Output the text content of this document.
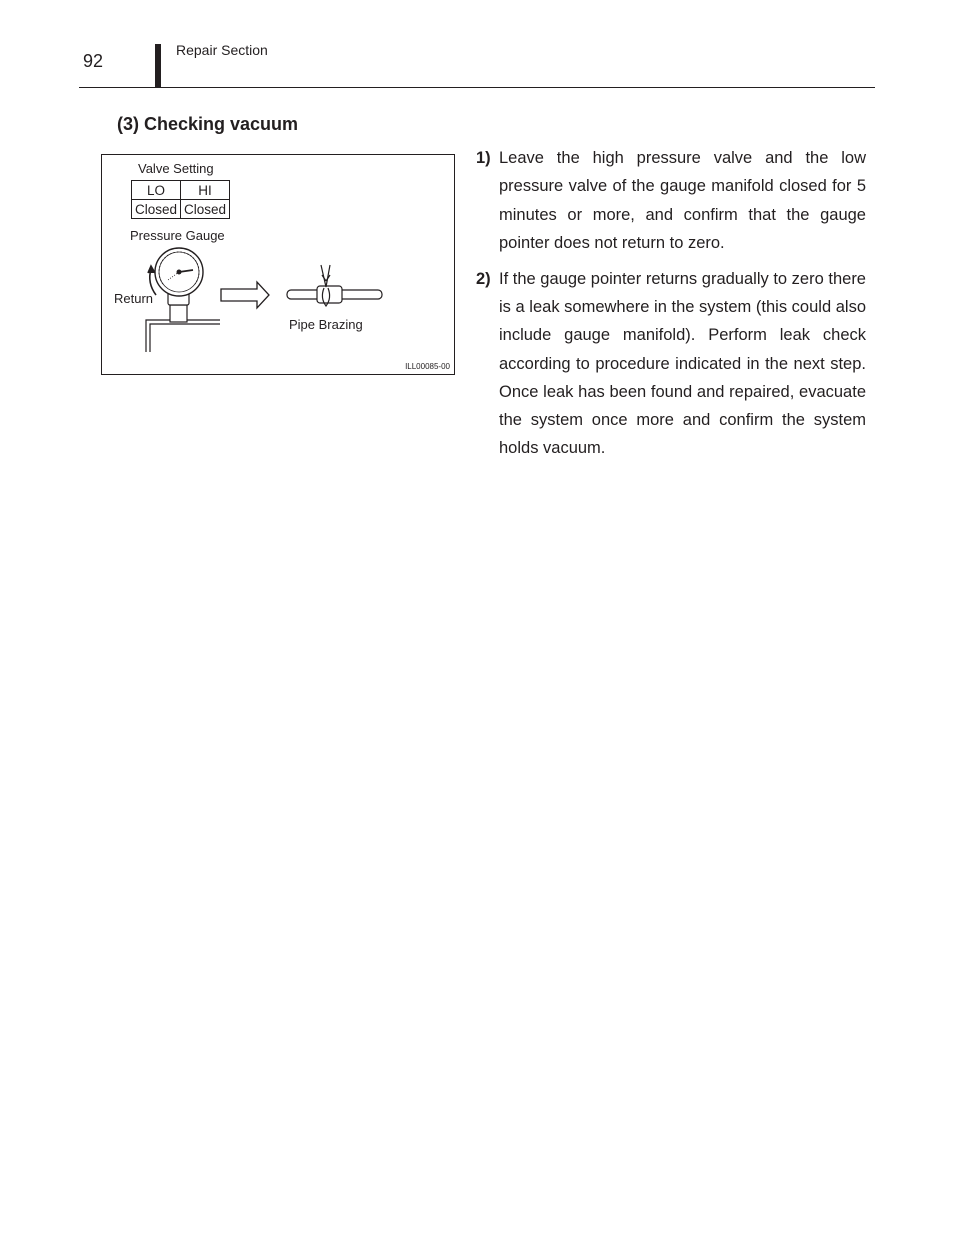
92
Repair Section
(3) Checking vacuum
Valve Setting
LO	HI
Closed	Closed
Pressure Gauge
Return
Pipe Brazing
ILL00085-00
1) Leave the high pressure valve and the low pressure valve of the gauge manifold closed for 5 minutes or more, and confirm that the gauge pointer does not return to zero.
2) If the gauge pointer returns gradually to zero there is a leak somewhere in the system (this could also include gauge manifold). Perform leak check according to procedure indicated in the next step. Once leak has been found and repaired, evacuate the system once more and confirm the system holds vacuum.
